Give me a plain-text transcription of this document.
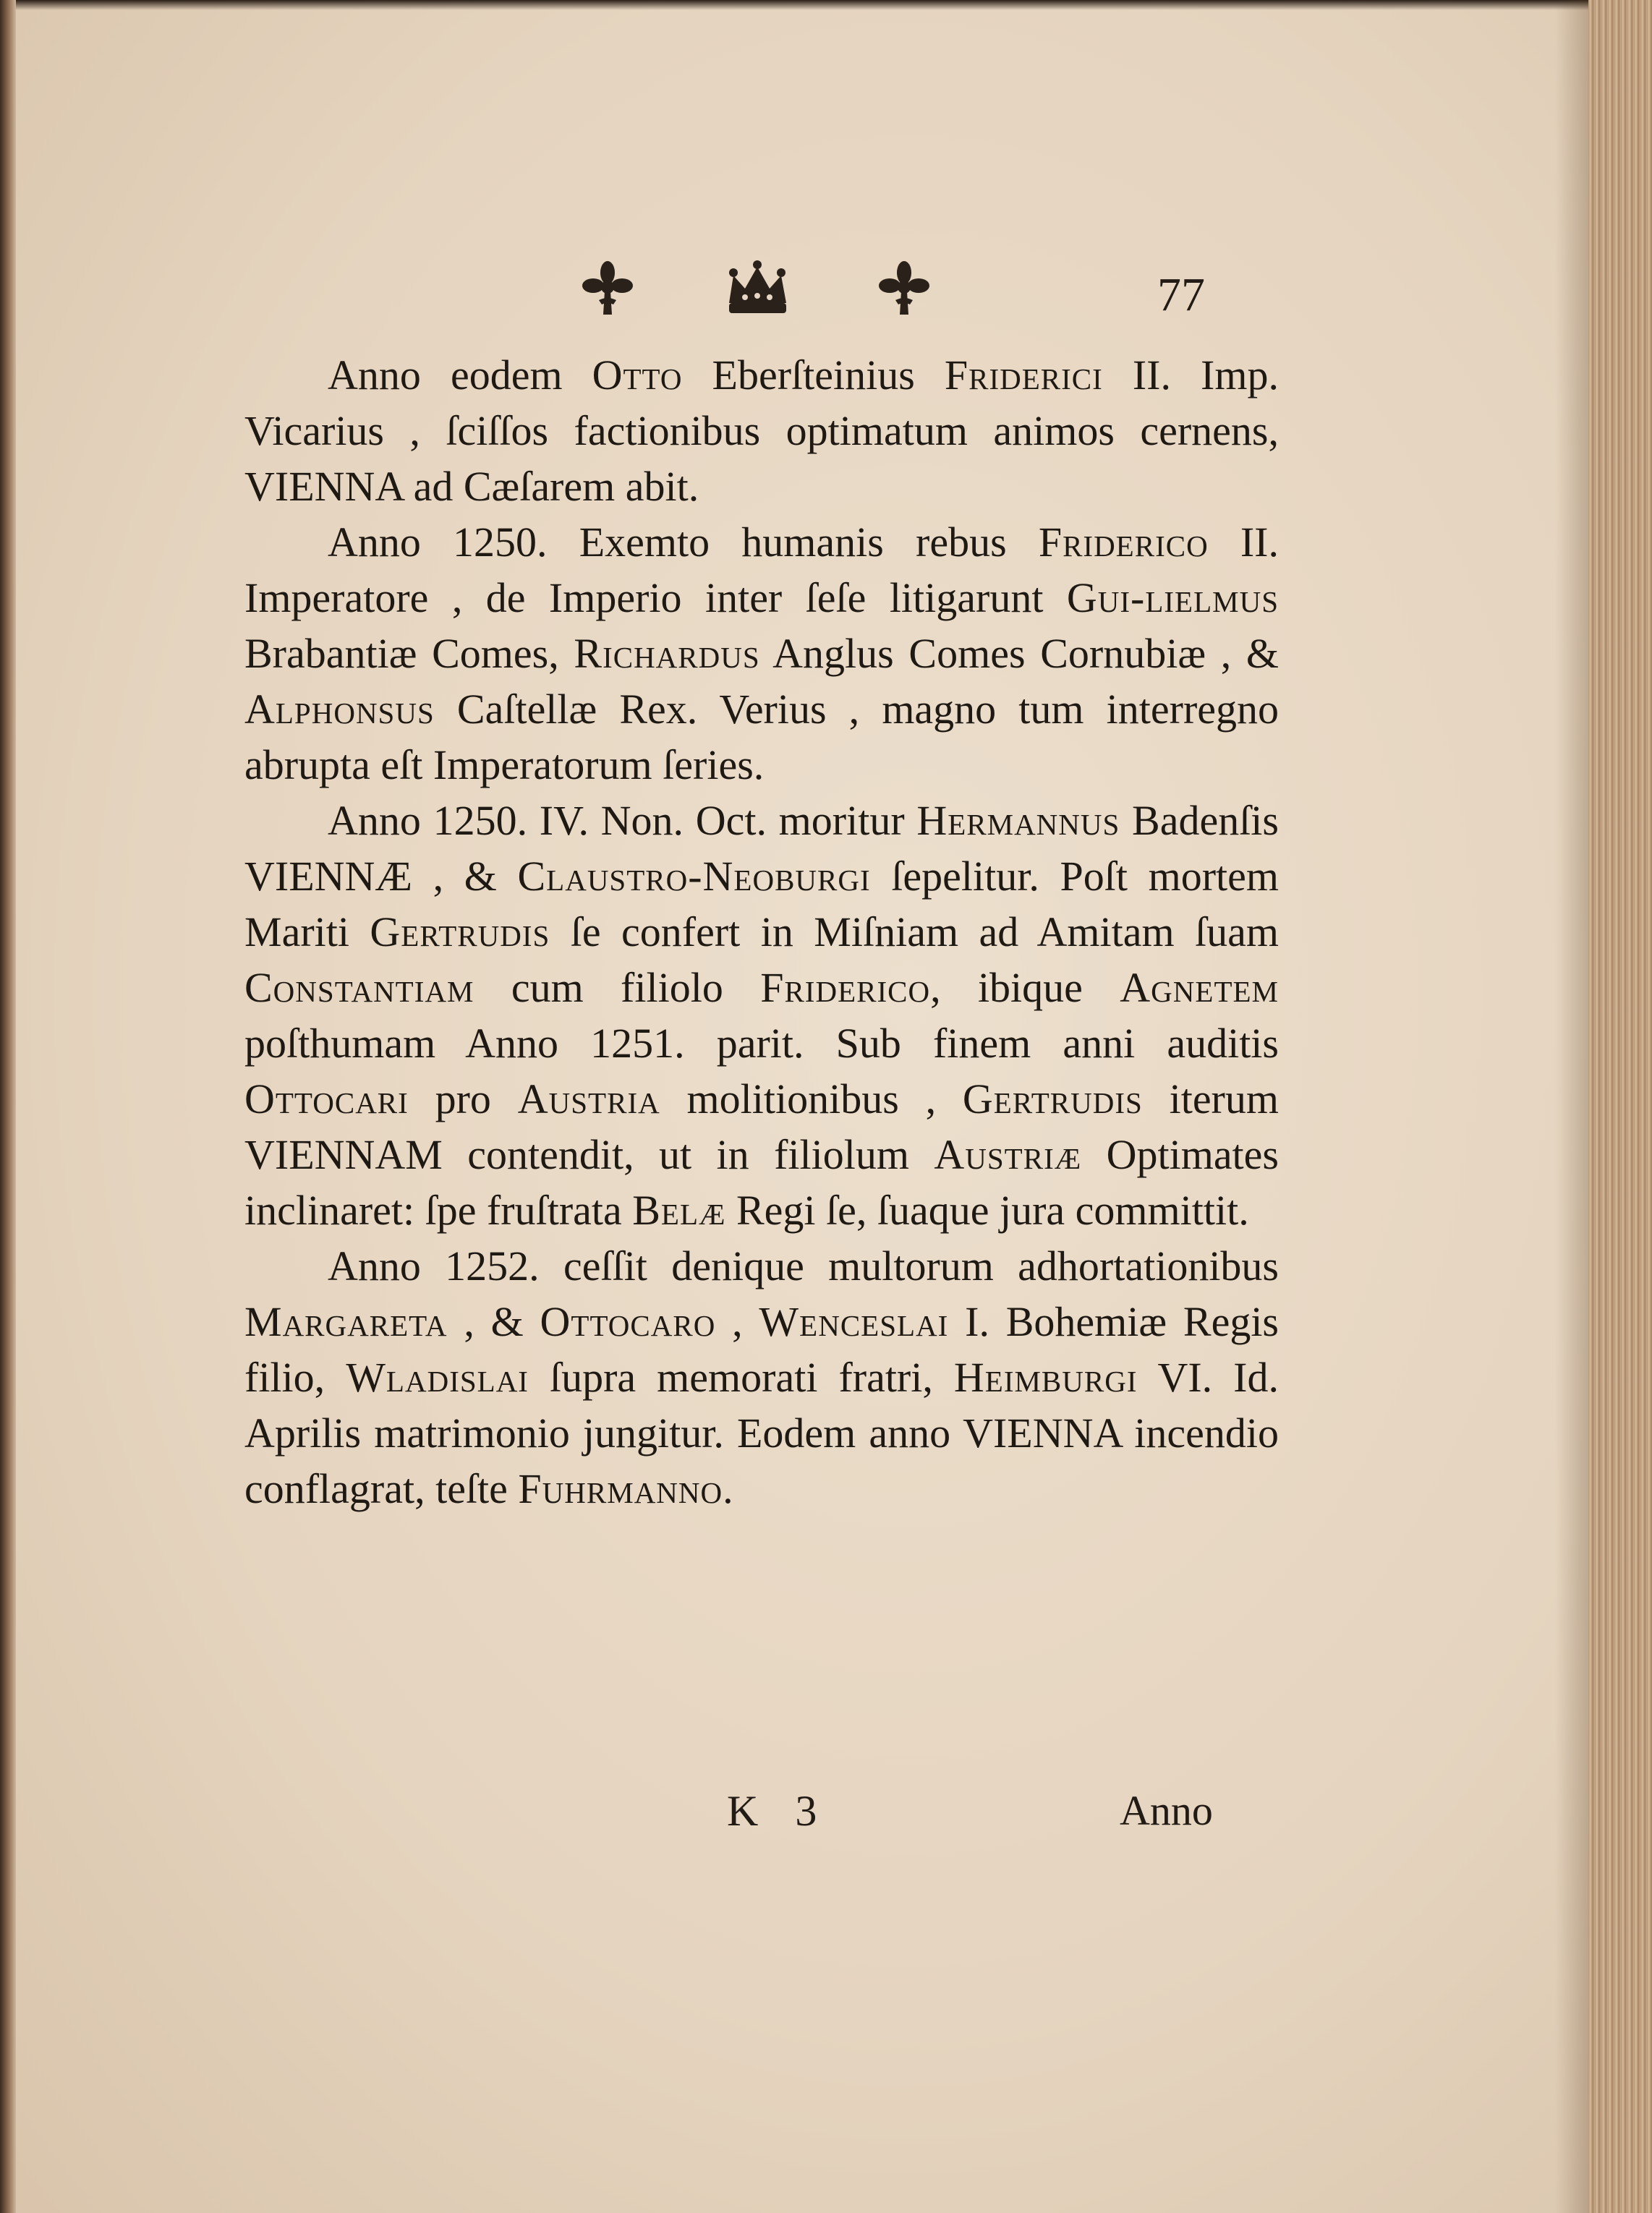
77

Anno eodem Otto Eberſteinius Friderici II. Imp. Vicarius , ſciſſos factionibus optimatum animos cernens, VIENNA ad Cæſarem abit.

Anno 1250. Exemto humanis rebus Friderico II. Imperatore , de Imperio inter ſeſe litigarunt Gui-lielmus Brabantiæ Comes, Richardus Anglus Comes Cornubiæ , & Alphonsus Caſtellæ Rex. Verius , magno tum interregno abrupta eſt Imperatorum ſeries.

Anno 1250. IV. Non. Oct. moritur Hermannus Badenſis VIENNÆ , & Claustro-Neoburgi ſepelitur. Poſt mortem Mariti Gertrudis ſe confert in Miſniam ad Amitam ſuam Constantiam cum filiolo Friderico, ibique Agnetem poſthumam Anno 1251. parit. Sub finem anni auditis Ottocari pro Austria molitionibus , Gertrudis iterum VIENNAM contendit, ut in filiolum Austriæ Optimates inclinaret: ſpe fruſtrata Belæ Regi ſe, ſuaque jura committit.

Anno 1252. ceſſit denique multorum adhortationibus Margareta , & Ottocaro , Wenceslai I. Bohemiæ Regis filio, Wladislai ſupra memorati fratri, Heimburgi VI. Id. Aprilis matrimonio jungitur. Eodem anno VIENNA incendio conflagrat, teſte Fuhrmanno.

K 3	Anno
